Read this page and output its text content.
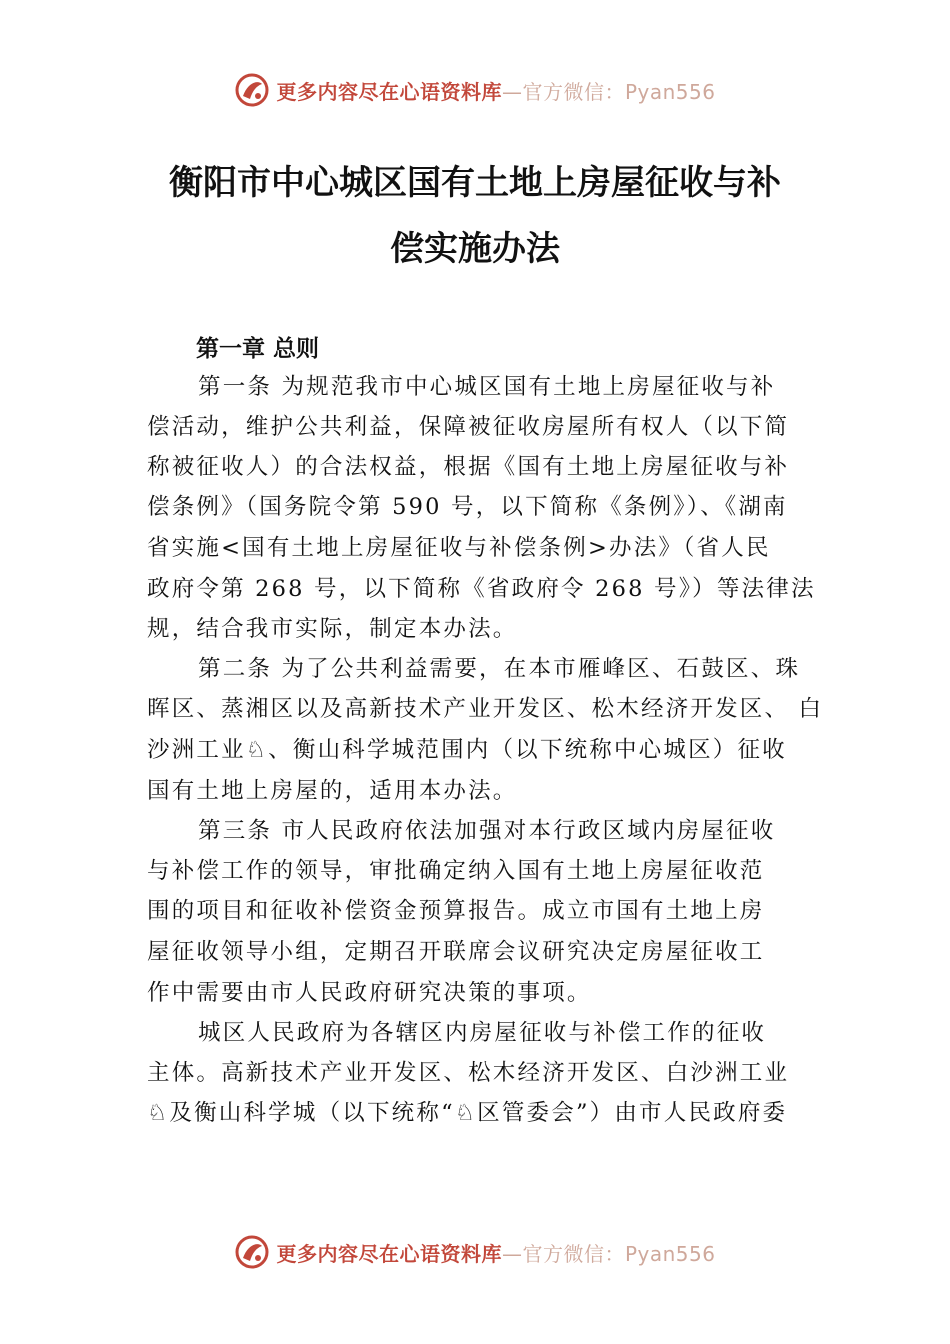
更多内容尽在心语资料库—官方微信：Pyan556
衡阳市中心城区国有土地上房屋征收与补
偿实施办法
第一章 总则
第一条 为规范我市中心城区国有土地上房屋征收与补
偿活动，维护公共利益，保障被征收房屋所有权人（以下简
称被征收人）的合法权益，根据《国有土地上房屋征收与补
偿条例》（国务院令第 590 号，以下简称《条例》）、《湖南
省实施<国有土地上房屋征收与补偿条例>办法》（省人民
政府令第 268 号，以下简称《省政府令 268 号》）等法律法
规，结合我市实际，制定本办法。
第二条 为了公共利益需要，在本市雁峰区、石鼓区、珠
晖区、蒸湘区以及高新技术产业开发区、松木经济开发区、 白
沙洲工业♘、衡山科学城范围内（以下统称中心城区）征收
国有土地上房屋的，适用本办法。
第三条 市人民政府依法加强对本行政区域内房屋征收
与补偿工作的领导，审批确定纳入国有土地上房屋征收范
围的项目和征收补偿资金预算报告。成立市国有土地上房
屋征收领导小组，定期召开联席会议研究决定房屋征收工
作中需要由市人民政府研究决策的事项。
城区人民政府为各辖区内房屋征收与补偿工作的征收
主体。高新技术产业开发区、松木经济开发区、白沙洲工业
♘及衡山科学城（以下统称“♘区管委会”）由市人民政府委
更多内容尽在心语资料库—官方微信：Pyan556
